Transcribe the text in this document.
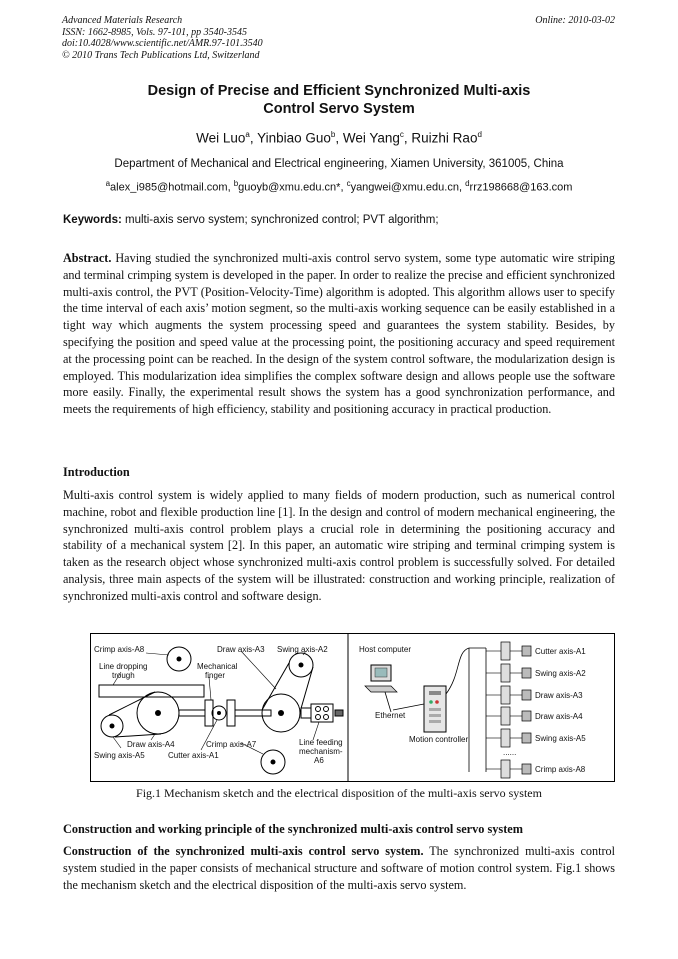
Advanced Materials Research
ISSN: 1662-8985, Vols. 97-101, pp 3540-3545
doi:10.4028/www.scientific.net/AMR.97-101.3540
© 2010 Trans Tech Publications Ltd, Switzerland
Online: 2010-03-02
Design of Precise and Efficient Synchronized Multi-axis
Control Servo System
Wei Luo$^a$, Yinbiao Guo$^b$, Wei Yang$^c$, Ruizhi Rao$^d$
Department of Mechanical and Electrical engineering, Xiamen University, 361005, China
$^a$alex_i985@hotmail.com, $^b$guoyb@xmu.edu.cn*, $^c$yangwei@xmu.edu.cn, $^d$rrz198668@163.com
Keywords: multi-axis servo system; synchronized control; PVT algorithm;
Abstract. Having studied the synchronized multi-axis control servo system, some type automatic wire striping and terminal crimping system is developed in the paper. In order to realize the precise and efficient synchronized multi-axis control, the PVT (Position-Velocity-Time) algorithm is adopted. This algorithm allows user to specify the time interval of each axis’ motion segment, so the multi-axis working sequence can be easily established in a tight way which augments the system processing speed and guarantees the system stability. Besides, by specifying the position and speed value at the processing point, the positioning accuracy and speed requirement at the processing point can be reached. In the design of the system control software, the modularization design is employed. This modularization idea simplifies the complex software design and allows people use the software more easily. Finally, the experimental result shows the system has a good synchronization performance, and meets the requirements of high efficiency, stability and positioning accuracy in practical production.
Introduction
Multi-axis control system is widely applied to many fields of modern production, such as numerical control machine, robot and flexible production line [1]. In the design and control of modern mechanical engineering, the synchronized multi-axis control problem plays a crucial role in determining the positioning accuracy and stability of a mechanical system [2]. In this paper, an automatic wire striping and terminal crimping system is taken as the research object whose synchronized multi-axis control problem is successfully solved. For detailed analysis, three main aspects of the system will be illustrated: construction and working principle, realization of synchronized multi-axis control and software design.
Crimp axis-A8	Draw axis-A3 Swing axis-A2
Line dropping
trough
Mechanical
finger
Draw axis-A4	Crimp axis-A7	Line feeding
mechanism-
A6
Swing axis-A5	Cutter axis-A1
Host computer
Ethernet
Motion controller
Cutter axis-A1
Swing axis-A2
Draw axis-A3
Draw axis-A4
Swing axis-A5
......
Crimp axis-A8
Fig.1 Mechanism sketch and the electrical disposition of the multi-axis servo system
Construction and working principle of the synchronized multi-axis control servo system
Construction of the synchronized multi-axis control servo system. The synchronized multi-axis control system studied in the paper consists of mechanical structure and software of motion control system. Fig.1 shows the mechanism sketch and the electrical disposition of the multi-axis servo system.
